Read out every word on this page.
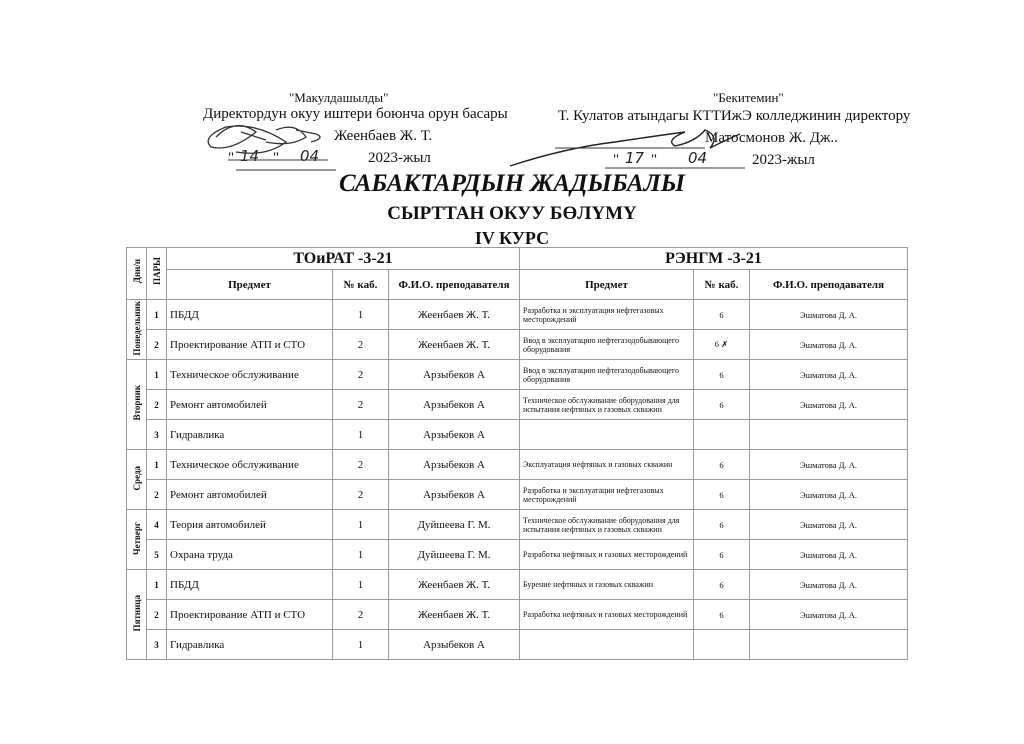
"Макулдашылды"
Директордун окуу иштери боюнча орун басары
Жеенбаев Ж. Т.
" 14 " 04	2023-жыл
"Бекитемин"
Т. Кулатов атындагы КТТИжЭ колледжинин директору
Матосмонов Ж. Дж..
" 17 " 04	2023-жыл
САБАКТАРДЫН ЖАДЫБАЛЫ
СЫРТТАН ОКУУ БӨЛҮМҮ
IV КУРС
Дни/н	ПАРЫ	ТОиРАТ -3-21			РЭНГМ -3-21		
		Предмет	№ каб.	Ф.И.О. преподавателя	Предмет	№ каб.	Ф.И.О. преподавателя
Понедельник	1	ПБДД	1	Жеенбаев Ж. Т.	Разработка и эксплуатация нефтегазовых месторождений	6	Эшматова Д. А.
	2	Проектирование АТП и СТО	2	Жеенбаев Ж. Т.	Ввод в эксплуатацию нефтегазодобывающего оборудования	6 ✗	Эшматова Д. А.
Вторник	1	Техническое обслуживание	2	Арзыбеков А	Ввод в эксплуатацию нефтегазодобывающего оборудования	6	Эшматова Д. А.
	2	Ремонт автомобилей	2	Арзыбеков А	Техническое обслуживание оборудования для испытания нефтяных и газовых скважин	6	Эшматова Д. А.
	3	Гидравлика	1	Арзыбеков А			
Среда	1	Техническое обслуживание	2	Арзыбеков А	Эксплуатация нефтяных и газовых скважин	6	Эшматова Д. А.
	2	Ремонт автомобилей	2	Арзыбеков А	Разработка и эксплуатация нефтегазовых месторождений	6	Эшматова Д. А.
Четверг	4	Теория автомобилей	1	Дуйшеева Г. М.	Техническое обслуживание оборудования для испытания нефтяных и газовых скважин	6	Эшматова Д. А.
	5	Охрана труда	1	Дуйшеева Г. М.	Разработка нефтяных и газовых месторождений	6	Эшматова Д. А.
Пятница	1	ПБДД	1	Жеенбаев Ж. Т.	Бурение нефтяных и газовых скважин	6	Эшматова Д. А.
	2	Проектирование АТП и СТО	2	Жеенбаев Ж. Т.	Разработка нефтяных и газовых месторождений	6	Эшматова Д. А.
	3	Гидравлика	1	Арзыбеков А			
